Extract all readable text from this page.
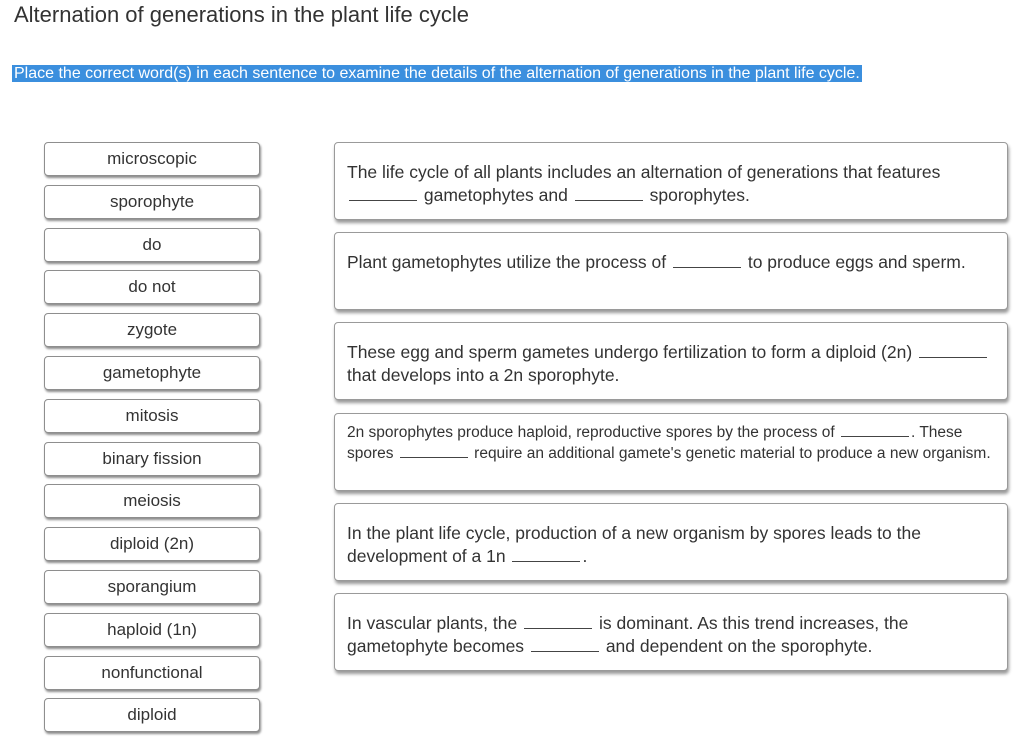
Alternation of generations in the plant life cycle
Place the correct word(s) in each sentence to examine the details of the alternation of generations in the plant life cycle.
microscopic
sporophyte
do
do not
zygote
gametophyte
mitosis
binary fission
meiosis
diploid (2n)
sporangium
haploid (1n)
nonfunctional
diploid
The life cycle of all plants includes an alternation of generations that features  gametophytes and	sporophytes.
Plant gametophytes utilize the process of	to produce eggs and sperm.
These egg and sperm gametes undergo fertilization to form a diploid (2n)  that develops into a 2n sporophyte.
2n sporophytes produce haploid, reproductive spores by the process of	. These spores	require an additional gamete's genetic material to produce a new organism.
In the plant life cycle, production of a new organism by spores leads to the development of a 1n	.
In vascular plants, the	is dominant. As this trend increases, the gametophyte becomes	and dependent on the sporophyte.
